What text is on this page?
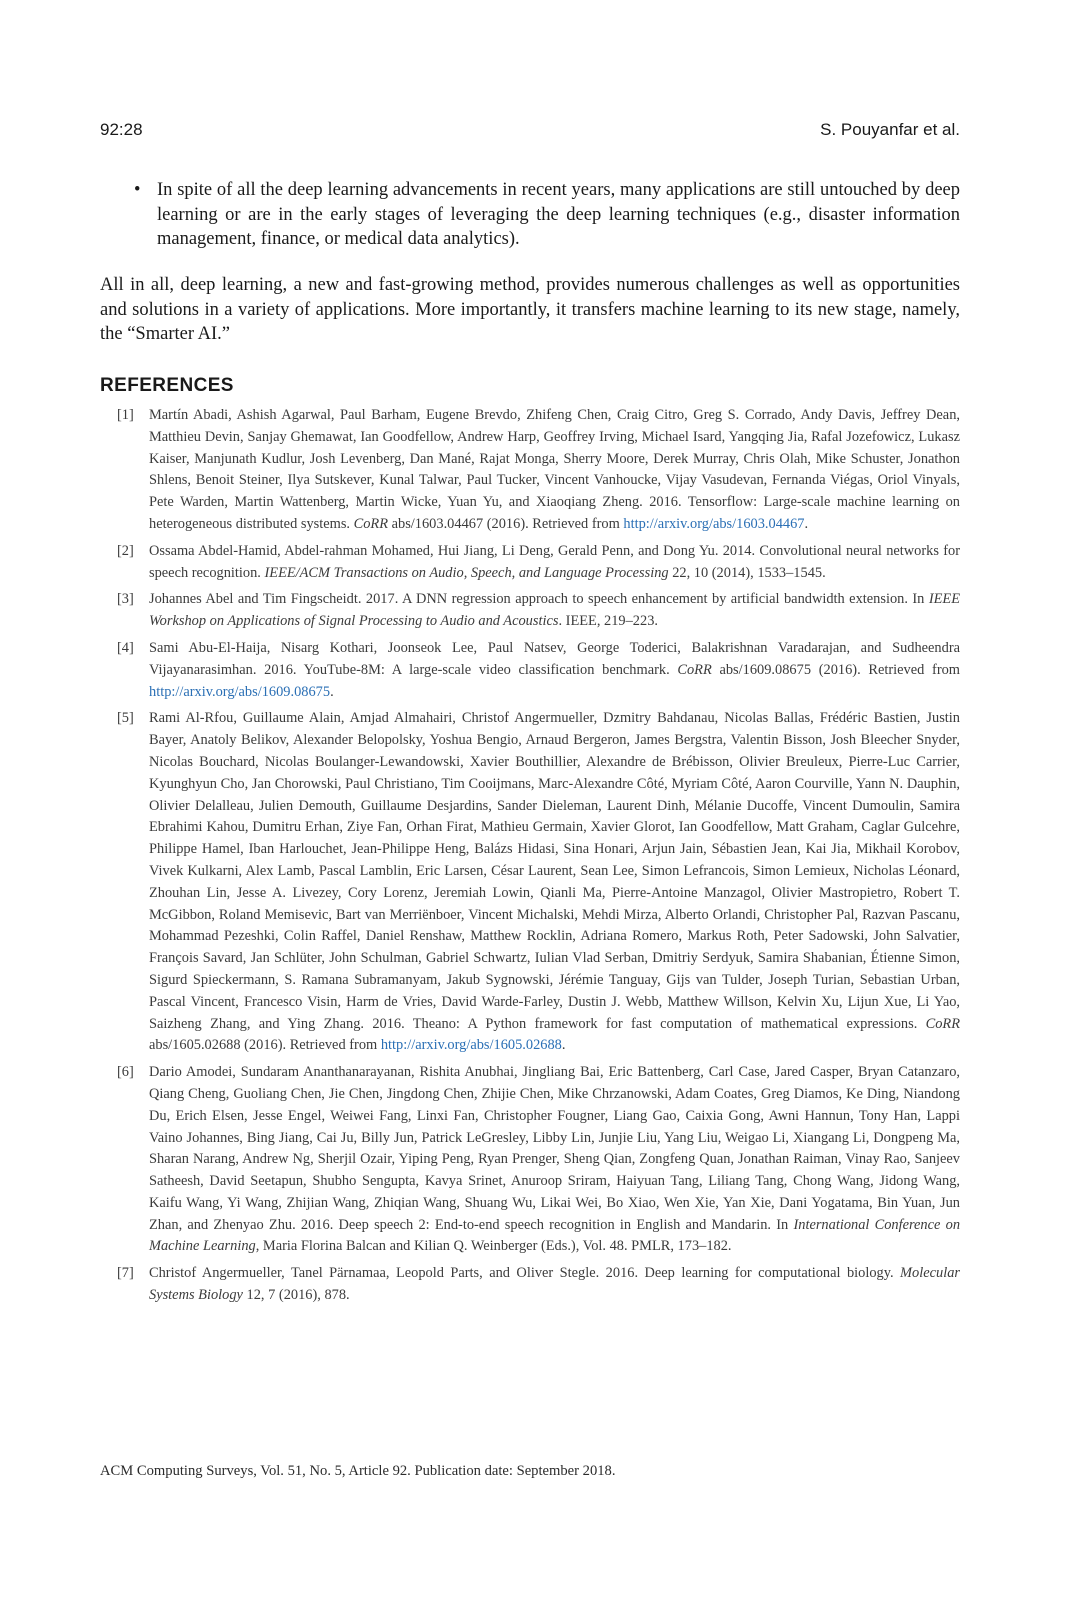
92:28	S. Pouyanfar et al.
• In spite of all the deep learning advancements in recent years, many applications are still untouched by deep learning or are in the early stages of leveraging the deep learning techniques (e.g., disaster information management, finance, or medical data analytics).
All in all, deep learning, a new and fast-growing method, provides numerous challenges as well as opportunities and solutions in a variety of applications. More importantly, it transfers machine learning to its new stage, namely, the “Smarter AI.”
REFERENCES
[1] Martín Abadi, Ashish Agarwal, Paul Barham, Eugene Brevdo, Zhifeng Chen, Craig Citro, Greg S. Corrado, Andy Davis, Jeffrey Dean, Matthieu Devin, Sanjay Ghemawat, Ian Goodfellow, Andrew Harp, Geoffrey Irving, Michael Isard, Yangqing Jia, Rafal Jozefowicz, Lukasz Kaiser, Manjunath Kudlur, Josh Levenberg, Dan Mané, Rajat Monga, Sherry Moore, Derek Murray, Chris Olah, Mike Schuster, Jonathon Shlens, Benoit Steiner, Ilya Sutskever, Kunal Talwar, Paul Tucker, Vincent Vanhoucke, Vijay Vasudevan, Fernanda Viégas, Oriol Vinyals, Pete Warden, Martin Wattenberg, Martin Wicke, Yuan Yu, and Xiaoqiang Zheng. 2016. Tensorflow: Large-scale machine learning on heterogeneous distributed systems. CoRR abs/1603.04467 (2016). Retrieved from http://arxiv.org/abs/1603.04467.
[2] Ossama Abdel-Hamid, Abdel-rahman Mohamed, Hui Jiang, Li Deng, Gerald Penn, and Dong Yu. 2014. Convolutional neural networks for speech recognition. IEEE/ACM Transactions on Audio, Speech, and Language Processing 22, 10 (2014), 1533–1545.
[3] Johannes Abel and Tim Fingscheidt. 2017. A DNN regression approach to speech enhancement by artificial bandwidth extension. In IEEE Workshop on Applications of Signal Processing to Audio and Acoustics. IEEE, 219–223.
[4] Sami Abu-El-Haija, Nisarg Kothari, Joonseok Lee, Paul Natsev, George Toderici, Balakrishnan Varadarajan, and Sudheendra Vijayanarasimhan. 2016. YouTube-8M: A large-scale video classification benchmark. CoRR abs/1609.08675 (2016). Retrieved from http://arxiv.org/abs/1609.08675.
[5] Rami Al-Rfou, Guillaume Alain, Amjad Almahairi, Christof Angermueller, Dzmitry Bahdanau, Nicolas Ballas, Frédéric Bastien, Justin Bayer, Anatoly Belikov, Alexander Belopolsky, Yoshua Bengio, Arnaud Bergeron, James Bergstra, Valentin Bisson, Josh Bleecher Snyder, Nicolas Bouchard, Nicolas Boulanger-Lewandowski, Xavier Bouthillier, Alexandre de Brébisson, Olivier Breuleux, Pierre-Luc Carrier, Kyunghyun Cho, Jan Chorowski, Paul Christiano, Tim Cooijmans, Marc-Alexandre Côté, Myriam Côté, Aaron Courville, Yann N. Dauphin, Olivier Delalleau, Julien Demouth, Guillaume Desjardins, Sander Dieleman, Laurent Dinh, Mélanie Ducoffe, Vincent Dumoulin, Samira Ebrahimi Kahou, Dumitru Erhan, Ziye Fan, Orhan Firat, Mathieu Germain, Xavier Glorot, Ian Goodfellow, Matt Graham, Caglar Gulcehre, Philippe Hamel, Iban Harlouchet, Jean-Philippe Heng, Balázs Hidasi, Sina Honari, Arjun Jain, Sébastien Jean, Kai Jia, Mikhail Korobov, Vivek Kulkarni, Alex Lamb, Pascal Lamblin, Eric Larsen, César Laurent, Sean Lee, Simon Lefrancois, Simon Lemieux, Nicholas Léonard, Zhouhan Lin, Jesse A. Livezey, Cory Lorenz, Jeremiah Lowin, Qianli Ma, Pierre-Antoine Manzagol, Olivier Mastropietro, Robert T. McGibbon, Roland Memisevic, Bart van Merriënboer, Vincent Michalski, Mehdi Mirza, Alberto Orlandi, Christopher Pal, Razvan Pascanu, Mohammad Pezeshki, Colin Raffel, Daniel Renshaw, Matthew Rocklin, Adriana Romero, Markus Roth, Peter Sadowski, John Salvatier, François Savard, Jan Schlüter, John Schulman, Gabriel Schwartz, Iulian Vlad Serban, Dmitriy Serdyuk, Samira Shabanian, Étienne Simon, Sigurd Spieckermann, S. Ramana Subramanyam, Jakub Sygnowski, Jérémie Tanguay, Gijs van Tulder, Joseph Turian, Sebastian Urban, Pascal Vincent, Francesco Visin, Harm de Vries, David Warde-Farley, Dustin J. Webb, Matthew Willson, Kelvin Xu, Lijun Xue, Li Yao, Saizheng Zhang, and Ying Zhang. 2016. Theano: A Python framework for fast computation of mathematical expressions. CoRR abs/1605.02688 (2016). Retrieved from http://arxiv.org/abs/1605.02688.
[6] Dario Amodei, Sundaram Ananthanarayanan, Rishita Anubhai, Jingliang Bai, Eric Battenberg, Carl Case, Jared Casper, Bryan Catanzaro, Qiang Cheng, Guoliang Chen, Jie Chen, Jingdong Chen, Zhijie Chen, Mike Chrzanowski, Adam Coates, Greg Diamos, Ke Ding, Niandong Du, Erich Elsen, Jesse Engel, Weiwei Fang, Linxi Fan, Christopher Fougner, Liang Gao, Caixia Gong, Awni Hannun, Tony Han, Lappi Vaino Johannes, Bing Jiang, Cai Ju, Billy Jun, Patrick LeGresley, Libby Lin, Junjie Liu, Yang Liu, Weigao Li, Xiangang Li, Dongpeng Ma, Sharan Narang, Andrew Ng, Sherjil Ozair, Yiping Peng, Ryan Prenger, Sheng Qian, Zongfeng Quan, Jonathan Raiman, Vinay Rao, Sanjeev Satheesh, David Seetapun, Shubho Sengupta, Kavya Srinet, Anuroop Sriram, Haiyuan Tang, Liliang Tang, Chong Wang, Jidong Wang, Kaifu Wang, Yi Wang, Zhijian Wang, Zhiqian Wang, Shuang Wu, Likai Wei, Bo Xiao, Wen Xie, Yan Xie, Dani Yogatama, Bin Yuan, Jun Zhan, and Zhenyao Zhu. 2016. Deep speech 2: End-to-end speech recognition in English and Mandarin. In International Conference on Machine Learning, Maria Florina Balcan and Kilian Q. Weinberger (Eds.), Vol. 48. PMLR, 173–182.
[7] Christof Angermueller, Tanel Pärnamaa, Leopold Parts, and Oliver Stegle. 2016. Deep learning for computational biology. Molecular Systems Biology 12, 7 (2016), 878.
ACM Computing Surveys, Vol. 51, No. 5, Article 92. Publication date: September 2018.
